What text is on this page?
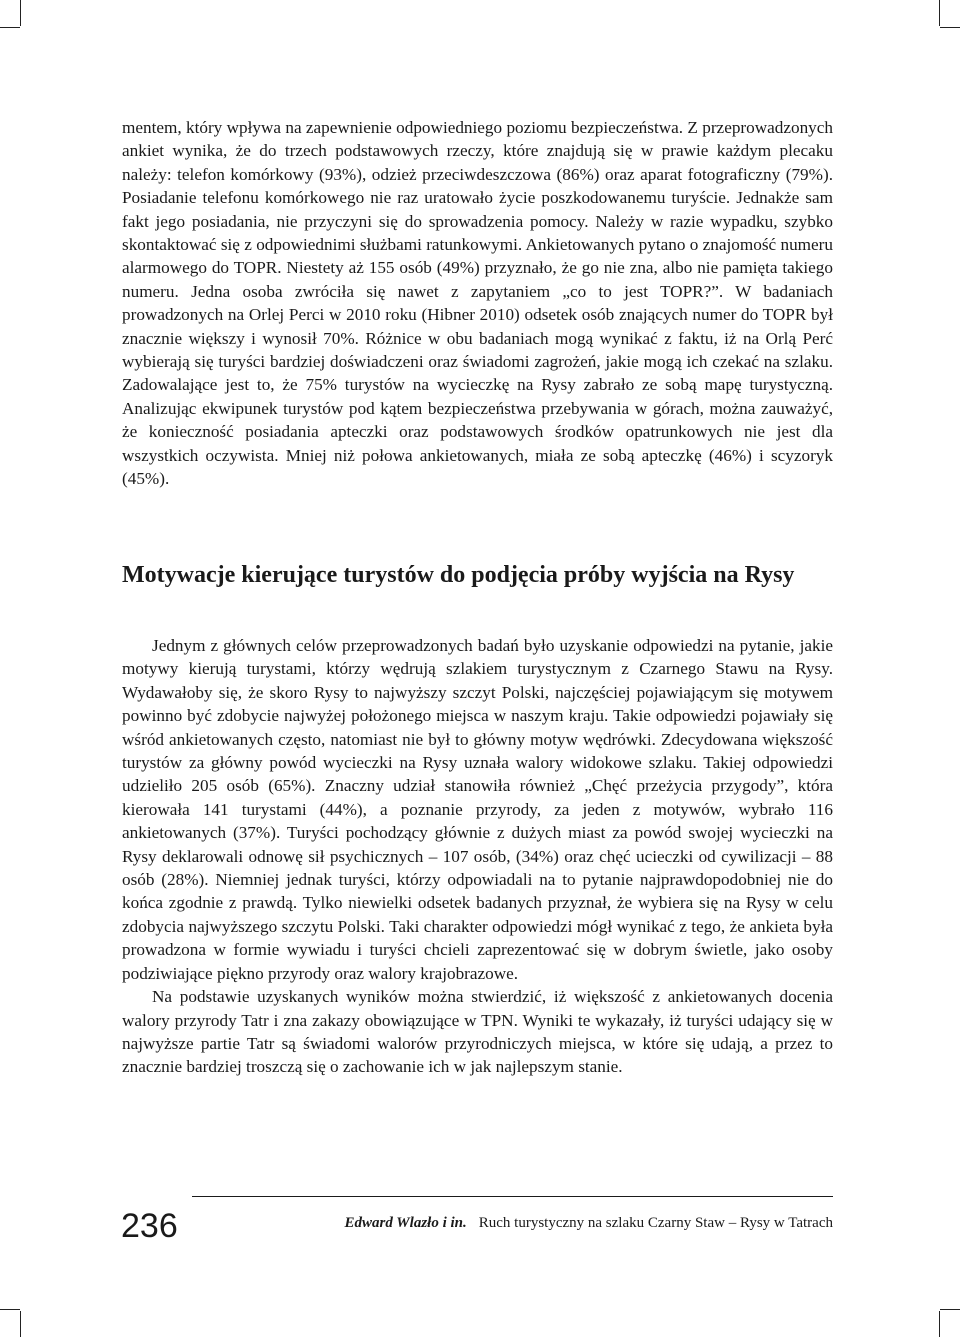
mentem, który wpływa na zapewnienie odpowiedniego poziomu bezpieczeństwa. Z przeprowadzonych ankiet wynika, że do trzech podstawowych rzeczy, które znajdują się w prawie każdym plecaku należy: telefon komórkowy (93%), odzież przeciwdeszczowa (86%) oraz aparat fotograficzny (79%). Posiadanie telefonu komórkowego nie raz uratowało życie poszkodowanemu turyście. Jednakże sam fakt jego posiadania, nie przyczyni się do sprowadzenia pomocy. Należy w razie wypadku, szybko skontaktować się z odpowiednimi służbami ratunkowymi. Ankietowanych pytano o znajomość numeru alarmowego do TOPR. Niestety aż 155 osób (49%) przyznało, że go nie zna, albo nie pamięta takiego numeru. Jedna osoba zwróciła się nawet z zapytaniem „co to jest TOPR?”. W badaniach prowadzonych na Orlej Perci w 2010 roku (Hibner 2010) odsetek osób znających numer do TOPR był znacznie większy i wynosił 70%. Różnice w obu badaniach mogą wynikać z faktu, iż na Orlą Perć wybierają się turyści bardziej doświadczeni oraz świadomi zagrożeń, jakie mogą ich czekać na szlaku. Zadowalające jest to, że 75% turystów na wycieczkę na Rysy zabrało ze sobą mapę turystyczną. Analizując ekwipunek turystów pod kątem bezpieczeństwa przebywania w górach, można zauważyć, że konieczność posiadania apteczki oraz podstawowych środków opatrunkowych nie jest dla wszystkich oczywista. Mniej niż połowa ankietowanych, miała ze sobą apteczkę (46%) i scyzoryk (45%).

Motywacje kierujące turystów do podjęcia próby wyjścia na Rysy

Jednym z głównych celów przeprowadzonych badań było uzyskanie odpowiedzi na pytanie, jakie motywy kierują turystami, którzy wędrują szlakiem turystycznym z Czarnego Stawu na Rysy. Wydawałoby się, że skoro Rysy to najwyższy szczyt Polski, najczęściej pojawiającym się motywem powinno być zdobycie najwyżej położonego miejsca w naszym kraju. Takie odpowiedzi pojawiały się wśród ankietowanych często, natomiast nie był to główny motyw wędrówki. Zdecydowana większość turystów za główny powód wycieczki na Rysy uznała walory widokowe szlaku. Takiej odpowiedzi udzieliło 205 osób (65%). Znaczny udział stanowiła również „Chęć przeżycia przygody”, która kierowała 141 turystami (44%), a poznanie przyrody, za jeden z motywów, wybrało 116 ankietowanych (37%). Turyści pochodzący głównie z dużych miast za powód swojej wycieczki na Rysy deklarowali odnowę sił psychicznych – 107 osób, (34%) oraz chęć ucieczki od cywilizacji – 88 osób (28%). Niemniej jednak turyści, którzy odpowiadali na to pytanie najprawdopodobniej nie do końca zgodnie z prawdą. Tylko niewielki odsetek badanych przyznał, że wybiera się na Rysy w celu zdobycia najwyższego szczytu Polski. Taki charakter odpowiedzi mógł wynikać z tego, że ankieta była prowadzona w formie wywiadu i turyści chcieli zaprezentować się w dobrym świetle, jako osoby podziwiające piękno przyrody oraz walory krajobrazowe.

Na podstawie uzyskanych wyników można stwierdzić, iż większość z ankietowanych docenia walory przyrody Tatr i zna zakazy obowiązujące w TPN. Wyniki te wykazały, iż turyści udający się w najwyższe partie Tatr są świadomi walorów przyrodniczych miejsca, w które się udają, a przez to znacznie bardziej troszczą się o zachowanie ich w jak najlepszym stanie.

236	Edward Wlazło i in. Ruch turystyczny na szlaku Czarny Staw – Rysy w Tatrach
